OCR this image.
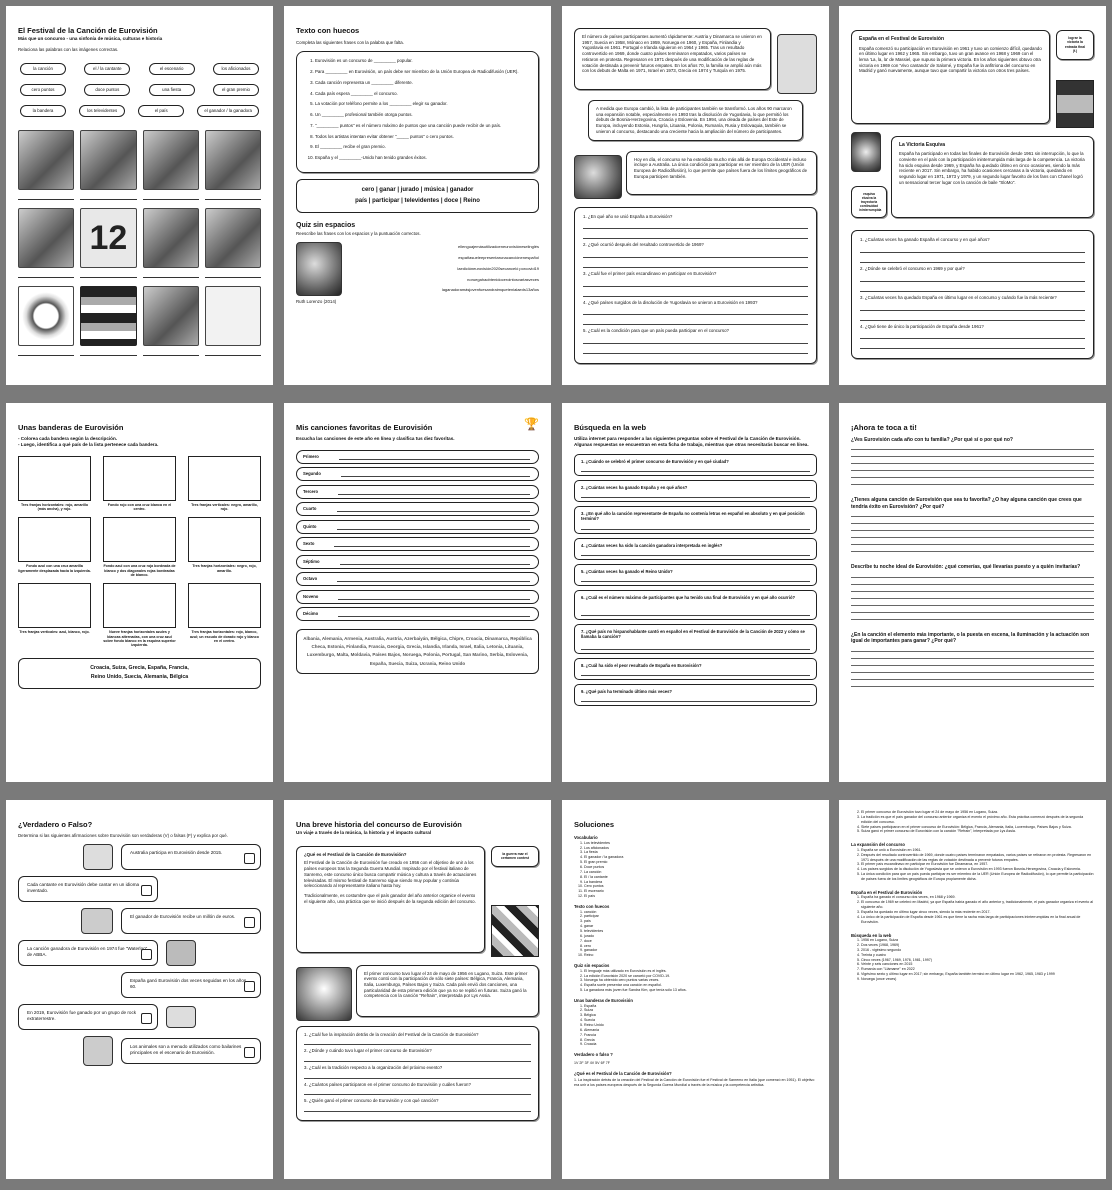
El Festival de la Canción de Eurovisión
Más que un concurso - una sinfonía de música, culturas e historia
Relaciona las palabras con las imágenes correctas.
la canción	el / la cantante	el escenario	los aficionados
cero puntos	doce puntos	una fiesta	el gran premio
la bandera	los televidentes	el país	el ganador / la ganadora
12
Texto con huecos
Completa las siguientes frases con la palabra que falta.
1. Eurovisión es un concurso de _________ popular.
2. Para _________ en Eurovisión, un país debe ser miembro de la Unión Europea de Radiodifusión (UER).
3. Cada canción representa un _________ diferente.
4. Cada país espera _________ el concurso.
5. La votación por teléfono permite a los _________ elegir su ganador.
6. Un _________ profesional también otorga puntos.
7. "_________ puntos" es el número máximo de puntos que una canción puede recibir de un país.
8. Todos los artistas intentan evitar obtener "_____ puntos" o cero puntos.
9. El _________ recibe el gran premio.
10. España y el _________-Unido han tenido grandes éxitos.
cero | ganar | jurado | música | ganador
país | participar | televidentes | doce | Reino
Quiz sin espacios
Reescribe las frases con los espacios y la puntuación correctos.
Ruth Lorenzo (2014)
ellenguajemásutilizadoeneurovisióneselinglés
españasueleepresentarunacanciónenespañol
laedicióneurovisión2020secanceló porcovid19
noruegahaobtenidocerointosvariasveces
laganadoramásjovenfuesandraimquetenialaeds13años
El número de países participantes aumentó rápidamente: Austria y Dinamarca se unieron en 1957, Suecia en 1958, Mónaco en 1959, Noruega en 1960, y España, Finlandia y Yugoslavia en 1961. Portugal e Irlanda siguieron en 1964 y 1965. Tras un resultado controvertido en 1969, donde cuatro países terminaron empatados, varios países se retiraron en protesta. Regresaron en 1971 después de una modificación de las reglas de votación destinada a prevenir futuros empates. En los años 70, la familia se amplió aún más con los debuts de Malta en 1971, Israel en 1973, Grecia en 1974 y Turquía en 1975.
A medida que Europa cambió, la lista de participantes también se transformó. Los años 90 marcaron una expansión notable, especialmente en 1993 tras la disolución de Yugoslavia, lo que permitió los debuts de Bosnia-Herzegovina, Croacia y Eslovenia. En 1994, una oleada de países del Este de Europa, incluyendo Estonia, Hungría, Lituania, Polonia, Rumanía, Rusia y Eslovaquia, también se unieron al concurso, destacando una creciente hacia la ampliación del número de participantes.
Hoy en día, el concurso se ha extendido mucho más allá de Europa Occidental e incluso incluye a Australia. La única condición para participar es ser miembro de la UER (Unión Europea de Radiodifusión), lo que permite que países fuera de los límites geográficos de Europa participen también.
1. ¿En qué año se unió España a Eurovisión?
2. ¿Qué ocurrió después del resultado controvertido de 1969?
3. ¿Cuál fue el primer país escandinavo en participar en Eurovisión?
4. ¿Qué países surgidos de la disolución de Yugoslavia se unieron a Eurovisión en 1993?
5. ¿Cuál es la condición para que un país pueda participar en el concurso?
España en el Festival de Eurovisión
España comenzó su participación en Eurovisión en 1961 y tuvo un comienzo difícil, quedando en último lugar en 1962 y 1965. Sin embargo, tuvo un gran avance en 1968 y 1969 con el lema 'La, la, la' de Massiel, que supuso la primera victoria. En los años siguientes obtuvo otra victoria en 1969 con 'Vivo cantando' de Salomé, y España fue la anfitriona del concurso en Madrid y ganó nuevamente, aunque tuvo que compartir la victoria con otros tres países.
lograr la victoria la entrada final (f.)
esquiva elusiva la trayectoria continuidad ininterrumpida
La Victoria Esquiva
España ha participado en todas las finales de Eurovisión desde 1961 sin interrupción, lo que la convierte en el país con la participación ininterrumpida más larga de la competencia. La victoria ha sido esquiva desde 1969, y España ha quedado último en cinco ocasiones, siendo la más reciente en 2017. Sin embargo, ha habido ocasiones cercanas a la victoria, quedando en segundo lugar en 1971, 1973 y 1979, y un segundo lugar favorito de los fans con Chanel logró un sensacional tercer lugar con la canción de baile "SloMo".
1. ¿Cuántas veces ha ganado España el concurso y en qué años?
2. ¿Dónde se celebró el concurso en 1969 y por qué?
3. ¿Cuántas veces ha quedado España en último lugar en el concurso y cuándo fue la más reciente?
4. ¿Qué tiene de único la participación de España desde 1961?
Unas banderas de Eurovisión
- Colorea cada bandera según la descripción.
- Luego, identifica a qué país de la lista pertenece cada bandera.
Tres franjas horizontales: rojo, amarillo (más ancha), y rojo.
Fondo rojo con una cruz blanca en el centro.
Tres franjas verticales: negro, amarillo, rojo.
Fondo azul con una cruz amarilla ligeramente desplazada hacia la izquierda.
Fondo azul con una cruz roja bordeada de blanco y dos diagonales rojas bordeadas de blanco.
Tres franjas horizontales: negro, rojo, amarillo.
Tres franjas verticales: azul, blanco, rojo.	Nueve franjas horizontales azules y blancas alternadas, con una cruz azul sobre fondo blanco en la esquina superior izquierda.
Tres franjas horizontales: rojo, blanco, azul; un escudo de dorado rojo y blanco en el centro.
Croacia, Suiza, Grecia, España, Francia,
Reino Unido, Suecia, Alemania, Bélgica
Mis canciones favoritas de Eurovisión	🏆
Escucha las canciones de este año en línea y clasifica tus diez favoritas.
Primero
Segundo
Tercero
Cuarto
Quinto
Sexto
Séptimo
Octavo
Noveno
Décimo
Albania, Alemania, Armenia, Australia, Austria, Azerbaiyán, Bélgica, Chipre, Croacia, Dinamarca, República Checa, Estonia, Finlandia, Francia, Georgia, Grecia, Islandia, Irlanda, Israel, Italia, Letonia, Lituania, Luxemburgo, Malta, Moldavia, Países Bajos, Noruega, Polonia, Portugal, San Marino, Serbia, Eslovenia, España, Suecia, Suiza, Ucrania, Reino Unido
Búsqueda en la web
Utiliza internet para responder a las siguientes preguntas sobre el Festival de la Canción de Eurovisión. Algunas respuestas se encuentran en esta ficha de trabajo, mientras que otras necesitarás buscar en línea.
1. ¿Cuándo se celebró el primer concurso de Eurovisión y en qué ciudad?
2. ¿Cuántas veces ha ganado España y en qué años?
3. ¿En qué año la canción representante de España no contenía letras en español en absoluto y en qué posición terminó?
4. ¿Cuántas veces ha sido la canción ganadora interpretada en inglés?
5. ¿Cuántas veces ha ganado el Reino Unido?
6. ¿Cuál es el número máximo de participantes que ha tenido una final de Eurovisión y en qué año ocurrió?
7. ¿Qué país no hispanohablante cantó en español en el Festival de Eurovisión de la Canción de 2022 y cómo se llamaba la canción?
8. ¿Cuál ha sido el peor resultado de España en Eurovisión?
9. ¿Qué país ha terminado último más veces?
¡Ahora te toca a ti!
¿Ves Eurovisión cada año con tu familia? ¿Por qué sí o por qué no?
¿Tienes alguna canción de Eurovisión que sea tu favorita? ¿O hay alguna canción que crees que tendría éxito en Eurovisión? ¿Por qué?
Describe tu noche ideal de Eurovisión: ¿qué comerías, qué llevarías puesto y a quién invitarías?
¿En la canción el elemento más importante, o la puesta en escena, la iluminación y la actuación son igual de importantes para ganar? ¿Por qué?
¿Verdadero o Falso?
Determina si las siguientes afirmaciones sobre Eurovisión son verdaderas (V) o falsas (F) y explica por qué.
Australia participa en Eurovisión desde 2015.
Cada cantante en Eurovisión debe cantar en un idioma inventado.
El ganador de Eurovisión recibe un millón de euros.
La canción ganadora de Eurovisión en 1974 fue "Waterloo" de ABBA.
España ganó Eurovisión dos veces seguidas en los años 60.
En 2019, Eurovisión fue ganado por un grupo de rock extraterrestre.
Los animales son a menudo utilizados como bailarines principales en el escenario de Eurovisión.
Una breve historia del concurso de Eurovisión
Un viaje a través de la música, la historia y el impacto cultural
¿Qué es el Festival de la Canción de Eurovisión?
El Festival de la Canción de Eurovisión fue creado en 1956 con el objetivo de unir a los países europeos tras la Segunda Guerra Mundial. Inspirado por el festival italiano de Sanremo, este concurso único busca compartir música y cultura a través de actuaciones televisadas. El mismo festival de Sanremo sigue siendo muy popular y continúa seleccionando al representante italiano hasta hoy.
Tradicionalmente, es costumbre que el país ganador del año anterior organice el evento el siguiente año, una práctica que se inició después de la segunda edición del concurso.
la guerra mar el certamen contest
El primer concurso tuvo lugar el 24 de mayo de 1956 en Lugano, Suiza. Este primer evento contó con la participación de sólo siete países: Bélgica, Francia, Alemania, Italia, Luxemburgo, Países Bajos y Suiza. Cada país envió dos canciones, una particularidad de esta primera edición que ya no se repitió en futuras. Suiza ganó la competencia con la canción "Refrain", interpretada por Lys Assia.
1. ¿Cuál fue la inspiración detrás de la creación del Festival de la Canción de Eurovisión?
2. ¿Dónde y cuándo tuvo lugar el primer concurso de Eurovisión?
3. ¿Cuál es la tradición respecto a la organización del próximo evento?
4. ¿Cuántos países participaron en el primer concurso de Eurovisión y cuáles fueron?
5. ¿Quién ganó el primer concurso de Eurovisión y con qué canción?
Soluciones
Vocabulario
1. Los televidentes
2. Los aficionados
3. La fiesta
4. El ganador / la ganadora
5. El gran premio
6. Doce puntos
7. La canción
8. El / la cantante
9. La bandera
10. Cero puntos
11. El escenario
12. El país
Texto con huecos
1. canción
2. participar
3. país
4. ganar
5. televidentes
6. jurado
7. doce
8. cero
9. ganador
10. Reino
Quiz sin espacios
1. El lenguaje más utilizado en Eurovisión es el inglés.
2. La edición Eurovisión 2020 se canceló por COVID-19.
3. Noruega ha obtenido cero puntos varias veces.
4. España suele presentar una canción en español.
5. La ganadora más joven fue Sandra Kim, que tenía sólo 13 años.
Unas banderas de Eurovisión
1. España
2. Suiza
3. Bélgica
4. Suecia
5. Reino Unido
6. Alemania
7. Francia
8. Grecia
9. Croacia
Verdadero o falso ?
1V 2F 3F 4V 5V 6F 7F
¿Qué es el Festival de la Canción de Eurovisión?
1. La inspiración detrás de la creación del Festival de la Canción de Eurovisión fue el Festival de Sanremo en Italia (que comenzó en 1951). El objetivo era unir a los países europeos después de la Segunda Guerra Mundial a través de la música y la competencia artística.
2. El primer concurso de Eurovisión tuvo lugar el 24 de mayo de 1956 en Lugano, Suiza.
3. La tradición es que el país ganador del concurso anterior organiza el evento el próximo año. Esta práctica comenzó después de la segunda edición del concurso.
4. Siete países participaron en el primer concurso de Eurovisión: Bélgica, Francia, Alemania, Italia, Luxemburgo, Países Bajos y Suiza.
5. Suiza ganó el primer concurso de Eurovisión con la canción "Refrain", interpretada por Lys Assia.
La expansión del concurso
1. España se unió a Eurovisión en 1961.
2. Después del resultado controvertido de 1969, donde cuatro países terminaron empatados, varios países se retiraron en protesta. Regresaron en 1971 después de una modificación de las reglas de votación destinada a prevenir futuros empates.
3. El primer país escandinavo en participar en Eurovisión fue Dinamarca, en 1957.
4. Los países surgidos de la disolución de Yugoslavia que se unieron a Eurovisión en 1993 fueron Bosnia-Herzegovina, Croacia y Eslovenia.
5. La única condición para que un país pueda participar es ser miembro de la UER (Unión Europea de Radiodifusión), lo que permite la participación de países fuera de los límites geográficos de Europa propiamente dicha.
España en el Festival de Eurovisión
1. España ha ganado el concurso dos veces, en 1968 y 1969.
2. El concurso de 1969 se celebró en Madrid, ya que España había ganado el año anterior y, tradicionalmente, el país ganador organiza el evento al siguiente año.
3. España ha quedado en último lugar cinco veces, siendo la más reciente en 2017.
4. Lo único de la participación de España desde 1961 es que tiene la racha más larga de participaciones ininterrumpidas en la final anual de Eurovisión.
Búsqueda en la web
1. 1956 en Lugano, Suiza
2. Dos veces (1968, 1969)
3. 2016 - vigésimo segundo
4. Treinta y cuatro
5. Cinco veces (1967, 1969, 1976, 1981, 1997)
6. Veinte y seis canciones en 2015
7. Rumanía con "Llámame" en 2022
8. Vigésimo sexto y último lugar en 2017; sin embargo, España también terminó en último lugar en 1962, 1965, 1983 y 1999
9. Noruega (once veces)
